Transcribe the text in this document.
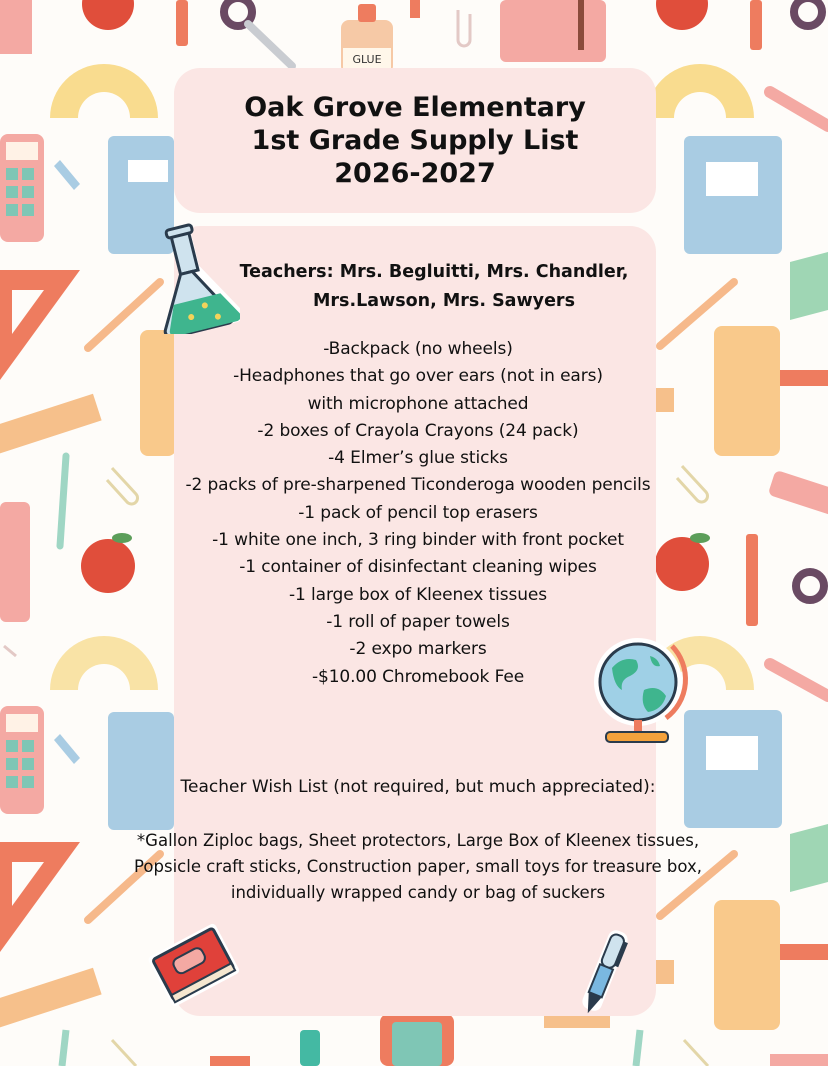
GLUE
Oak Grove Elementary
1st Grade Supply List
2026-2027
Teachers: Mrs. Begluitti, Mrs. Chandler,
Mrs.Lawson, Mrs. Sawyers
-Backpack (no wheels)
-Headphones that go over ears (not in ears)
with microphone attached
-2 boxes of Crayola Crayons (24 pack)
-4 Elmer’s glue sticks
-2 packs of pre-sharpened Ticonderoga wooden pencils
-1 pack of pencil top erasers
-1 white one inch, 3 ring binder with front pocket
-1 container of disinfectant cleaning wipes
-1 large box of Kleenex tissues
-1 roll of paper towels
-2 expo markers
-$10.00 Chromebook Fee
Teacher Wish List (not required, but much appreciated):
*Gallon Ziploc bags, Sheet protectors, Large Box of Kleenex tissues,
Popsicle craft sticks, Construction paper, small toys for treasure box,
individually wrapped candy or bag of suckers
